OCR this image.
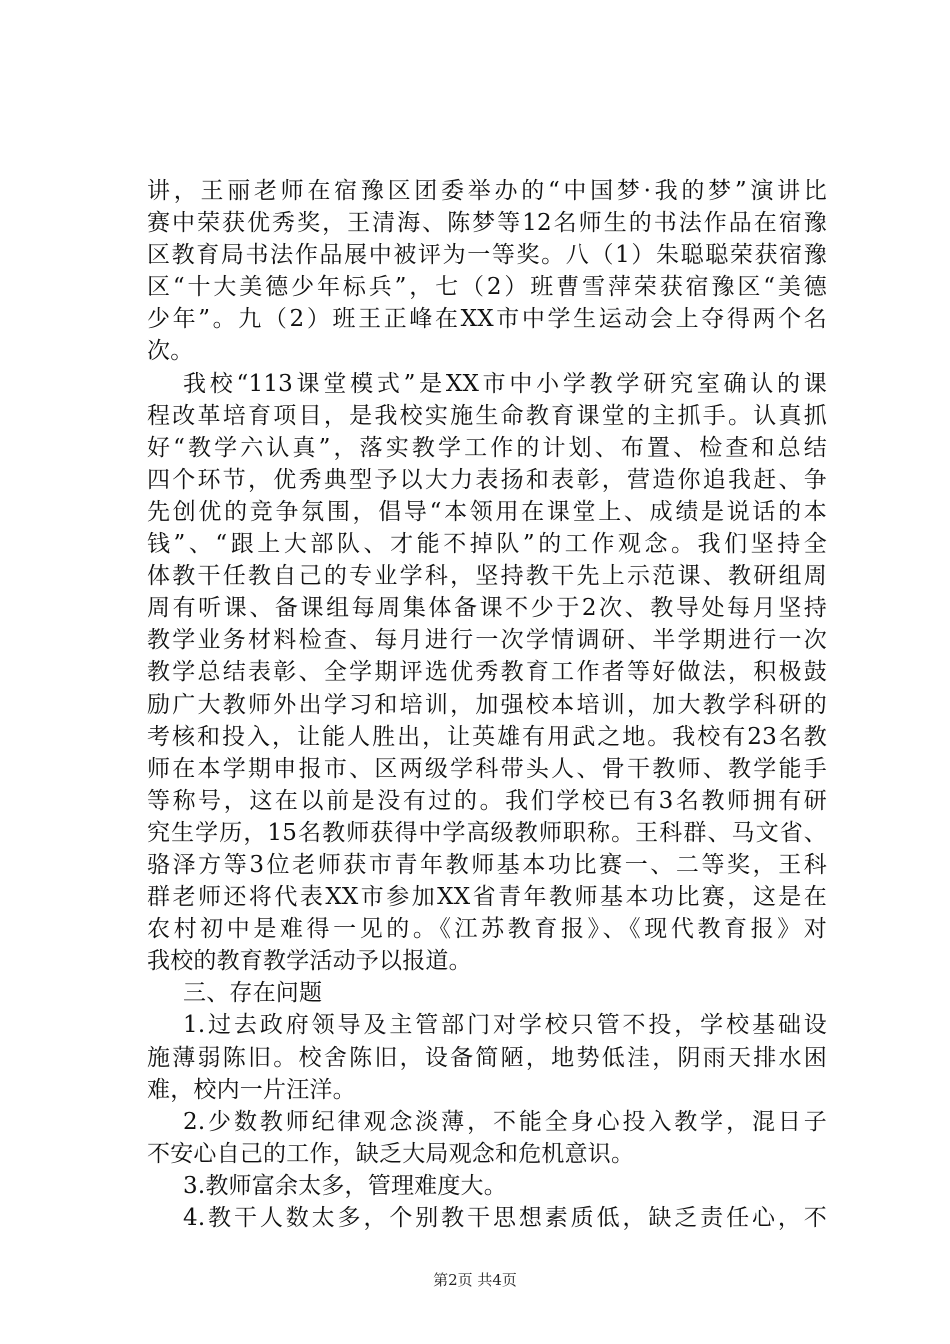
讲，王丽老师在宿豫区团委举办的“中国梦·我的梦”演讲比
赛中荣获优秀奖，王清海、陈梦等12名师生的书法作品在宿豫
区教育局书法作品展中被评为一等奖。八（1）朱聪聪荣获宿豫
区“十大美德少年标兵”，七（2）班曹雪萍荣获宿豫区“美德
少年”。九（2）班王正峰在XX市中学生运动会上夺得两个名
次。
我校“113课堂模式”是XX市中小学教学研究室确认的课
程改革培育项目，是我校实施生命教育课堂的主抓手。认真抓
好“教学六认真”，落实教学工作的计划、布置、检查和总结
四个环节，优秀典型予以大力表扬和表彰，营造你追我赶、争
先创优的竞争氛围，倡导“本领用在课堂上、成绩是说话的本
钱”、“跟上大部队、才能不掉队”的工作观念。我们坚持全
体教干任教自己的专业学科，坚持教干先上示范课、教研组周
周有听课、备课组每周集体备课不少于2次、教导处每月坚持
教学业务材料检查、每月进行一次学情调研、半学期进行一次
教学总结表彰、全学期评选优秀教育工作者等好做法，积极鼓
励广大教师外出学习和培训，加强校本培训，加大教学科研的
考核和投入，让能人胜出，让英雄有用武之地。我校有23名教
师在本学期申报市、区两级学科带头人、骨干教师、教学能手
等称号，这在以前是没有过的。我们学校已有3名教师拥有研
究生学历，15名教师获得中学高级教师职称。王科群、马文省、
骆泽方等3位老师获市青年教师基本功比赛一、二等奖，王科
群老师还将代表XX市参加XX省青年教师基本功比赛，这是在
农村初中是难得一见的。《江苏教育报》、《现代教育报》对
我校的教育教学活动予以报道。
三、存在问题
1.过去政府领导及主管部门对学校只管不投，学校基础设
施薄弱陈旧。校舍陈旧，设备简陋，地势低洼，阴雨天排水困
难，校内一片汪洋。
2.少数教师纪律观念淡薄，不能全身心投入教学，混日子
不安心自己的工作，缺乏大局观念和危机意识。
3.教师富余太多，管理难度大。
4.教干人数太多，个别教干思想素质低，缺乏责任心，不
第2页 共4页
